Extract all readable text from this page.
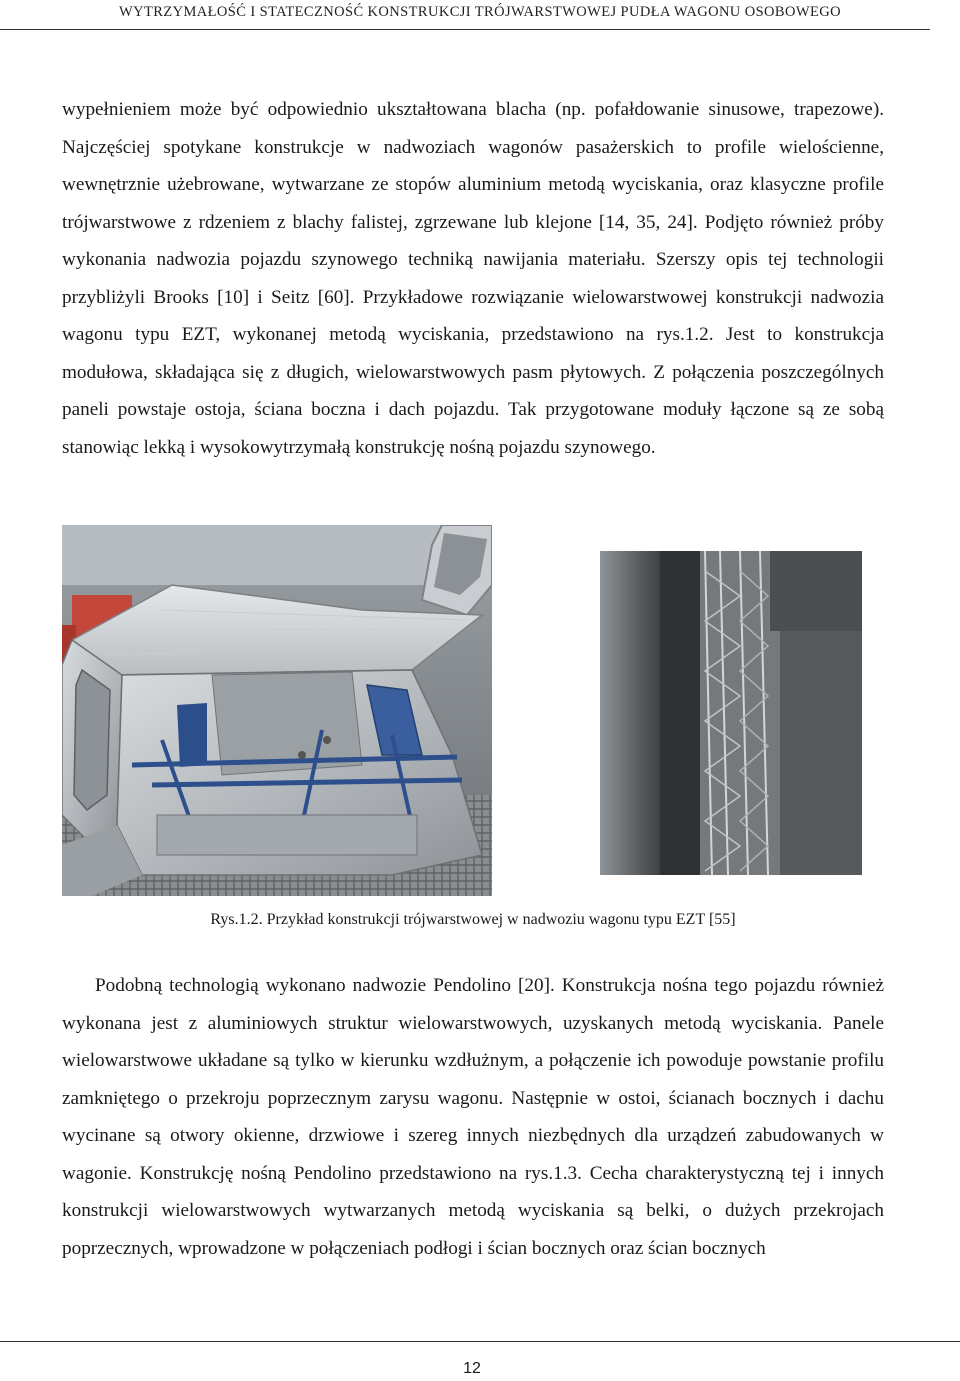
WYTRZYMAŁOŚĆ I STATECZNOŚĆ KONSTRUKCJI TRÓJWARSTWOWEJ PUDŁA WAGONU OSOBOWEGO

wypełnieniem może być odpowiednio ukształtowana blacha (np. pofałdowanie sinusowe, trapezowe). Najczęściej spotykane konstrukcje w nadwoziach wagonów pasażerskich to profile wielościenne, wewnętrznie użebrowane, wytwarzane ze stopów aluminium metodą wyciskania, oraz klasyczne profile trójwarstwowe z rdzeniem z blachy falistej, zgrzewane lub klejone [14, 35, 24]. Podjęto również próby wykonania nadwozia pojazdu szynowego techniką nawijania materiału. Szerszy opis tej technologii przybliżyli Brooks [10] i Seitz [60]. Przykładowe rozwiązanie wielowarstwowej konstrukcji nadwozia wagonu typu EZT, wykonanej metodą wyciskania, przedstawiono na rys.1.2. Jest to konstrukcja modułowa, składająca się z długich, wielowarstwowych pasm płytowych. Z połączenia poszczególnych paneli powstaje ostoja, ściana boczna i dach pojazdu. Tak przygotowane moduły łączone są ze sobą stanowiąc lekką i wysokowytrzymałą konstrukcję nośną pojazdu szynowego.

Rys.1.2. Przykład konstrukcji trójwarstwowej w nadwoziu wagonu typu EZT [55]

Podobną technologią wykonano nadwozie Pendolino [20]. Konstrukcja nośna tego pojazdu również wykonana jest z aluminiowych struktur wielowarstwowych, uzyskanych metodą wyciskania. Panele wielowarstwowe układane są tylko w kierunku wzdłużnym, a połączenie ich powoduje powstanie profilu zamkniętego o przekroju poprzecznym zarysu wagonu. Następnie w ostoi, ścianach bocznych i dachu wycinane są otwory okienne, drzwiowe i szereg innych niezbędnych dla urządzeń zabudowanych w wagonie. Konstrukcję nośną Pendolino przedstawiono na rys.1.3. Cecha charakterystyczną tej i innych konstrukcji wielowarstwowych wytwarzanych metodą wyciskania są belki, o dużych przekrojach poprzecznych, wprowadzone w połączeniach podłogi i ścian bocznych oraz ścian bocznych

12
